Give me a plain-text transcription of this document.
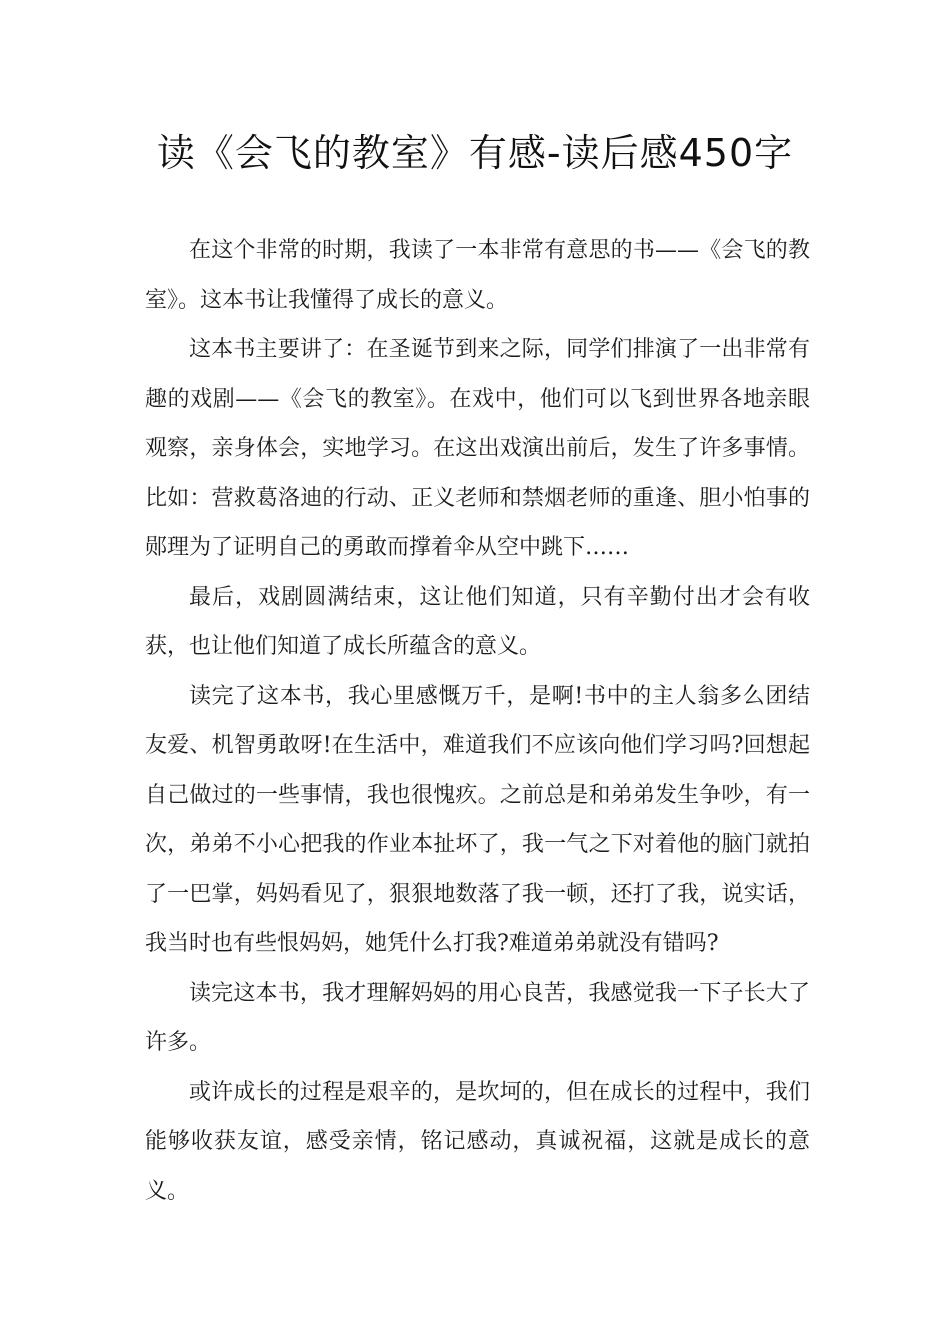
读《会飞的教室》有感-读后感450字

在这个非常的时期，我读了一本非常有意思的书——《会飞的教室》。这本书让我懂得了成长的意义。

这本书主要讲了：在圣诞节到来之际，同学们排演了一出非常有趣的戏剧——《会飞的教室》。在戏中，他们可以飞到世界各地亲眼观察，亲身体会，实地学习。在这出戏演出前后，发生了许多事情。比如：营救葛洛迪的行动、正义老师和禁烟老师的重逢、胆小怕事的郧理为了证明自己的勇敢而撑着伞从空中跳下……

最后，戏剧圆满结束，这让他们知道，只有辛勤付出才会有收获，也让他们知道了成长所蕴含的意义。

读完了这本书，我心里感慨万千，是啊!书中的主人翁多么团结友爱、机智勇敢呀!在生活中，难道我们不应该向他们学习吗?回想起自己做过的一些事情，我也很愧疚。之前总是和弟弟发生争吵，有一次，弟弟不小心把我的作业本扯坏了，我一气之下对着他的脑门就拍了一巴掌，妈妈看见了，狠狠地数落了我一顿，还打了我，说实话，我当时也有些恨妈妈，她凭什么打我?难道弟弟就没有错吗?

读完这本书，我才理解妈妈的用心良苦，我感觉我一下子长大了许多。

或许成长的过程是艰辛的，是坎坷的，但在成长的过程中，我们能够收获友谊，感受亲情，铭记感动，真诚祝福，这就是成长的意义。
